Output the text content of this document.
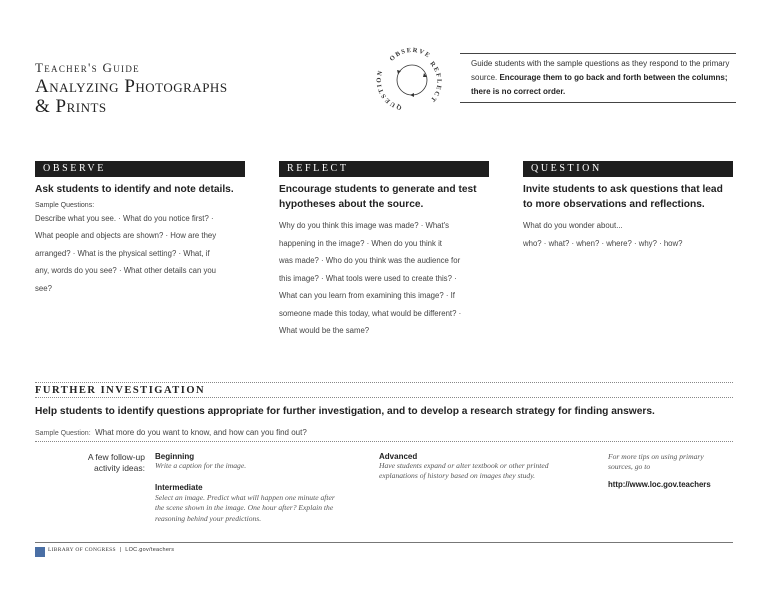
Teacher's Guide
Analyzing Photographs
& Prints
OBSERVE
REFLECT
QUESTION
Guide students with the sample questions as they respond to the primary source. Encourage them to go back and forth between the columns; there is no correct order.
OBSERVE
Ask students to identify and note details.
Sample Questions:
Describe what you see. · What do you notice first? ·
What people and objects are shown? · How are they
arranged? · What is the physical setting? · What, if
any, words do you see? · What other details can you
see?
REFLECT
Encourage students to generate and test hypotheses about the source.
Why do you think this image was made? · What's
happening in the image? · When do you think it
was made? · Who do you think was the audience for
this image? · What tools were used to create this? ·
What can you learn from examining this image? · If
someone made this today, what would be different? ·
What would be the same?
QUESTION
Invite students to ask questions that lead to more observations and reflections.
What do you wonder about...
who? · what? · when? · where? · why? · how?
FURTHER INVESTIGATION
Help students to identify questions appropriate for further investigation, and to develop a research strategy for finding answers.
Sample Question: What more do you want to know, and how can you find out?
A few follow-up
activity ideas:
Beginning
Write a caption for the image.
Intermediate
Select an image. Predict what will happen one minute after
the scene shown in the image. One hour after? Explain the
reasoning behind your predictions.
Advanced
Have students expand or alter textbook or other printed
explanations of history based on images they study.
For more tips on using primary
sources, go to
http://www.loc.gov.teachers
LIBRARY OF CONGRESS | LOC.gov/teachers
